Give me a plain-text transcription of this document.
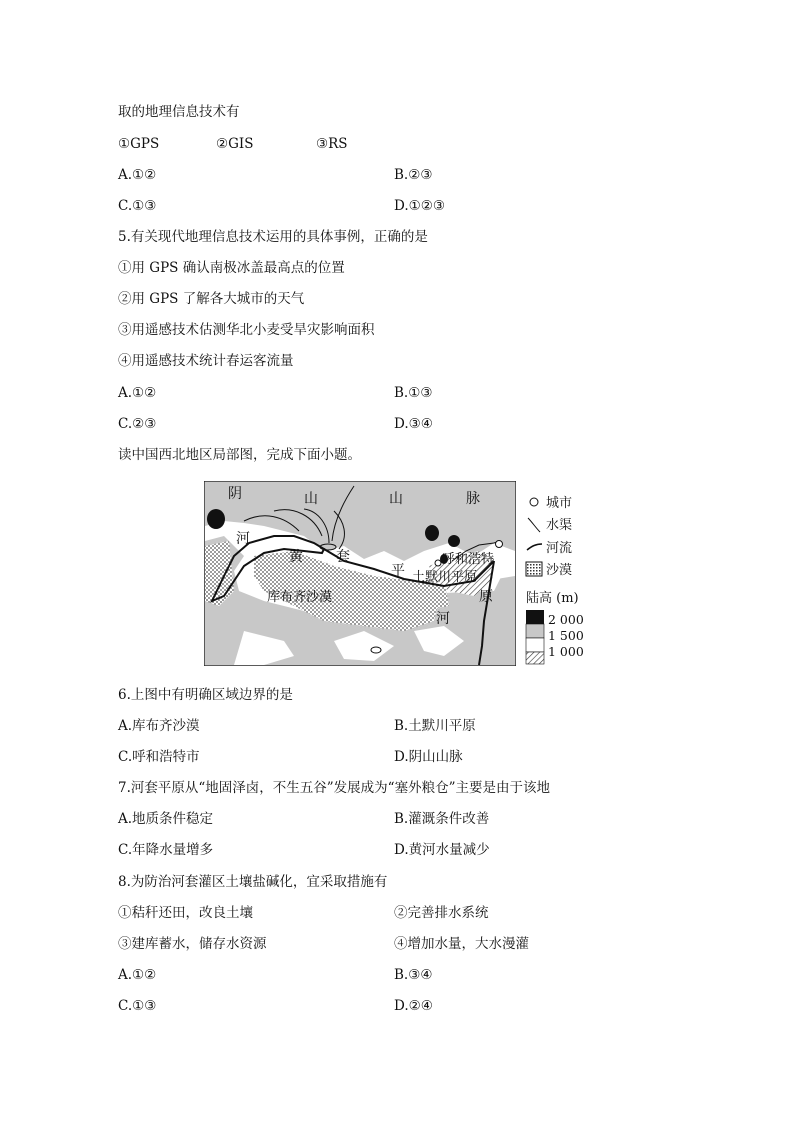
取的地理信息技术有
①GPS	②GIS	③RS
A.①②	B.②③
C.①③	D.①②③
5.有关现代地理信息技术运用的具体事例，正确的是
①用 GPS 确认南极冰盖最高点的位置
②用 GPS 了解各大城市的天气
③用遥感技术估测华北小麦受旱灾影响面积
④用遥感技术统计春运客流量
A.①②	B.①③
C.②③	D.③④
读中国西北地区局部图，完成下面小题。
阴	山	山	脉
河
黄 套
平
呼和浩特
土默川平原
原
库布齐沙漠
河
城市
水渠
河流
沙漠
陆高 (m)
2 000
1 500
1 000
6.上图中有明确区域边界的是
A.库布齐沙漠	B.土默川平原
C.呼和浩特市	D.阴山山脉
7.河套平原从“地固泽卤，不生五谷”发展成为“塞外粮仓”主要是由于该地
A.地质条件稳定	B.灌溉条件改善
C.年降水量增多	D.黄河水量减少
8.为防治河套灌区土壤盐碱化，宜采取措施有
①秸秆还田，改良土壤	②完善排水系统
③建库蓄水，储存水资源	④增加水量，大水漫灌
A.①②	B.③④
C.①③	D.②④
